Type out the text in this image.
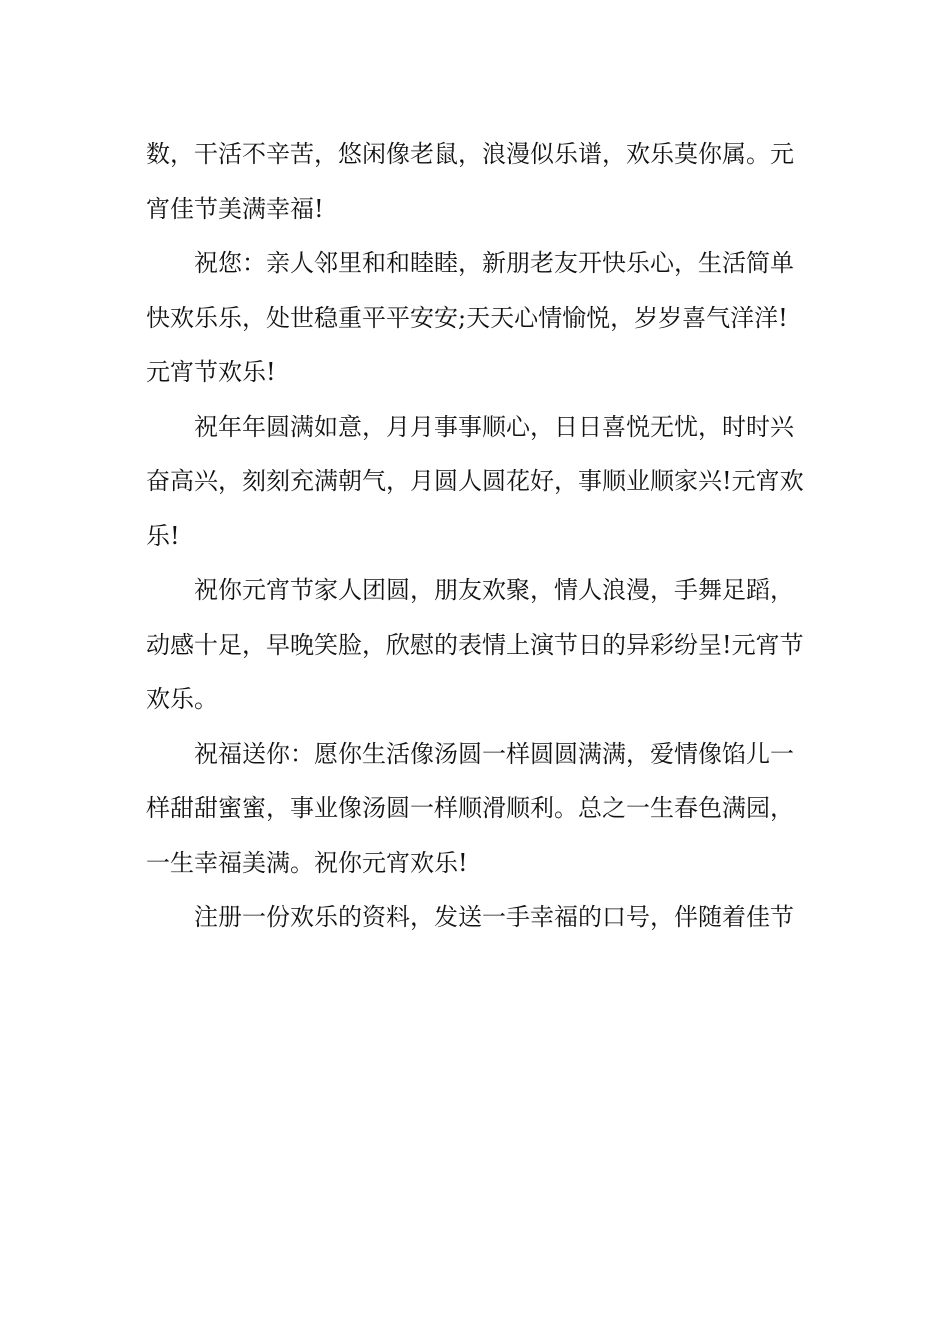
数，干活不辛苦，悠闲像老鼠，浪漫似乐谱，欢乐莫你属。元
宵佳节美满幸福!
祝您：亲人邻里和和睦睦，新朋老友开快乐心，生活简单
快欢乐乐，处世稳重平平安安;天天心情愉悦，岁岁喜气洋洋!
元宵节欢乐!
祝年年圆满如意，月月事事顺心，日日喜悦无忧，时时兴
奋高兴，刻刻充满朝气，月圆人圆花好，事顺业顺家兴!元宵欢
乐!
祝你元宵节家人团圆，朋友欢聚，情人浪漫，手舞足蹈，
动感十足，早晚笑脸，欣慰的表情上演节日的异彩纷呈!元宵节
欢乐。
祝福送你：愿你生活像汤圆一样圆圆满满，爱情像馅儿一
样甜甜蜜蜜，事业像汤圆一样顺滑顺利。总之一生春色满园，
一生幸福美满。祝你元宵欢乐!
注册一份欢乐的资料，发送一手幸福的口号，伴随着佳节
